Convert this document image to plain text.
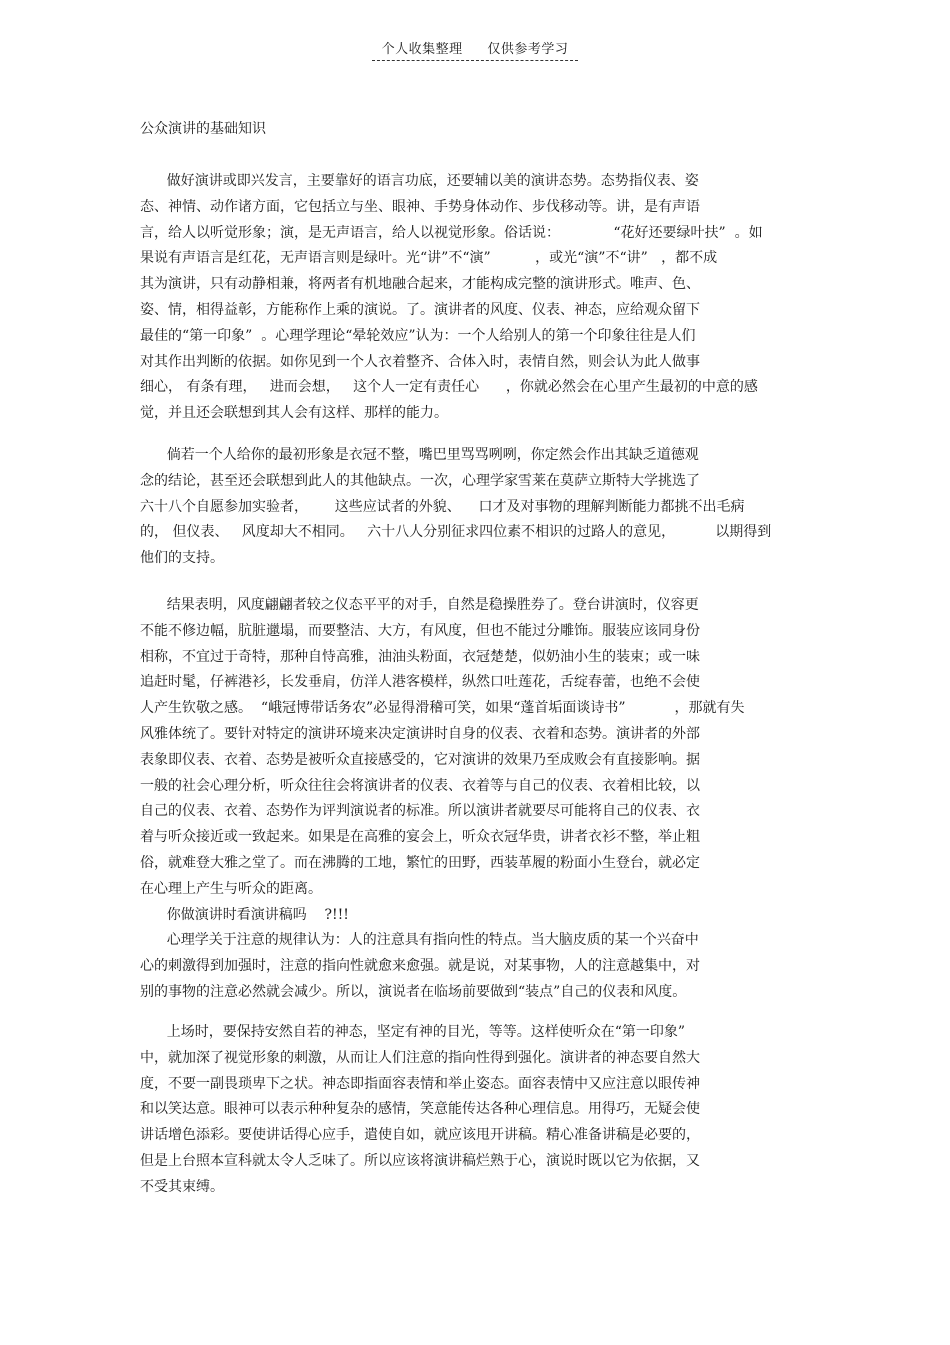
个人收集整理 仅供参考学习
公众演讲的基础知识
做好演讲或即兴发言，主要靠好的语言功底，还要辅以美的演讲态势。态势指仪表、姿
态、神情、动作诸方面，它包括立与坐、眼神、手势身体动作、步伐移动等。讲，是有声语
言，给人以听觉形象；演，是无声语言，给人以视觉形象。俗话说：            “花好还要绿叶扶”  。如
果说有声语言是红花，无声语言则是绿叶。光“讲”不“演”          ，或光“演”不“讲”   ，都不成
其为演讲，只有动静相兼，将两者有机地融合起来，才能构成完整的演讲形式。唯声、色、
姿、情，相得益彰，方能称作上乘的演说。了。演讲者的风度、仪表、神态，应给观众留下
最佳的“第一印象”  。心理学理论“晕轮效应”认为：一个人给别人的第一个印象往往是人们
对其作出判断的依据。如你见到一个人衣着整齐、合体入时，表情自然，则会认为此人做事
细心， 有条有理，   进而会想，   这个人一定有责任心      ，你就必然会在心里产生最初的中意的感
觉，并且还会联想到其人会有这样、那样的能力。
倘若一个人给你的最初形象是衣冠不整，嘴巴里骂骂咧咧，你定然会作出其缺乏道德观
念的结论，甚至还会联想到此人的其他缺点。一次，心理学家雪莱在莫萨立斯特大学挑选了
六十八个自愿参加实验者，      这些应试者的外貌、    口才及对事物的理解判断能力都挑不出毛病
的， 但仪表、   风度却大不相同。   六十八人分别征求四位素不相识的过路人的意见，         以期得到
他们的支持。
结果表明，风度翩翩者较之仪态平平的对手，自然是稳操胜券了。登台讲演时，仪容更
不能不修边幅，肮脏邋塌，而要整洁、大方，有风度，但也不能过分雕饰。服装应该同身份
相称，不宜过于奇特，那种自恃高雅，油油头粉面，衣冠楚楚，似奶油小生的装束；或一味
追赶时髦，仔裤港衫，长发垂肩，仿洋人港客模样，纵然口吐莲花，舌绽春蕾，也绝不会使
人产生钦敬之感。  “峨冠博带话务农”必显得滑稽可笑，如果“蓬首垢面谈诗书”           ，那就有失
风雅体统了。要针对特定的演讲环境来决定演讲时自身的仪表、衣着和态势。演讲者的外部
表象即仪表、衣着、态势是被听众直接感受的，它对演讲的效果乃至成败会有直接影响。据
一般的社会心理分析，听众往往会将演讲者的仪表、衣着等与自己的仪表、衣着相比较，以
自己的仪表、衣着、态势作为评判演说者的标准。所以演讲者就要尽可能将自己的仪表、衣
着与听众接近或一致起来。如果是在高雅的宴会上，听众衣冠华贵，讲者衣衫不整，举止粗
俗，就难登大雅之堂了。而在沸腾的工地，繁忙的田野，西装革履的粉面小生登台，就必定
在心理上产生与听众的距离。
你做演讲时看演讲稿吗    ?!!!
心理学关于注意的规律认为：人的注意具有指向性的特点。当大脑皮质的某一个兴奋中
心的刺激得到加强时，注意的指向性就愈来愈强。就是说，对某事物，人的注意越集中，对
别的事物的注意必然就会减少。所以，演说者在临场前要做到“装点”自己的仪表和风度。
上场时，要保持安然自若的神态，坚定有神的目光，等等。这样使听众在“第一印象”
中，就加深了视觉形象的刺激，从而让人们注意的指向性得到强化。演讲者的神态要自然大
度，不要一副畏琐卑下之状。神态即指面容表情和举止姿态。面容表情中又应注意以眼传神
和以笑达意。眼神可以表示种种复杂的感情，笑意能传达各种心理信息。用得巧，无疑会使
讲话增色添彩。要使讲话得心应手，遣使自如，就应该甩开讲稿。精心准备讲稿是必要的，
但是上台照本宣科就太令人乏味了。所以应该将演讲稿烂熟于心，演说时既以它为依据，又
不受其束缚。
